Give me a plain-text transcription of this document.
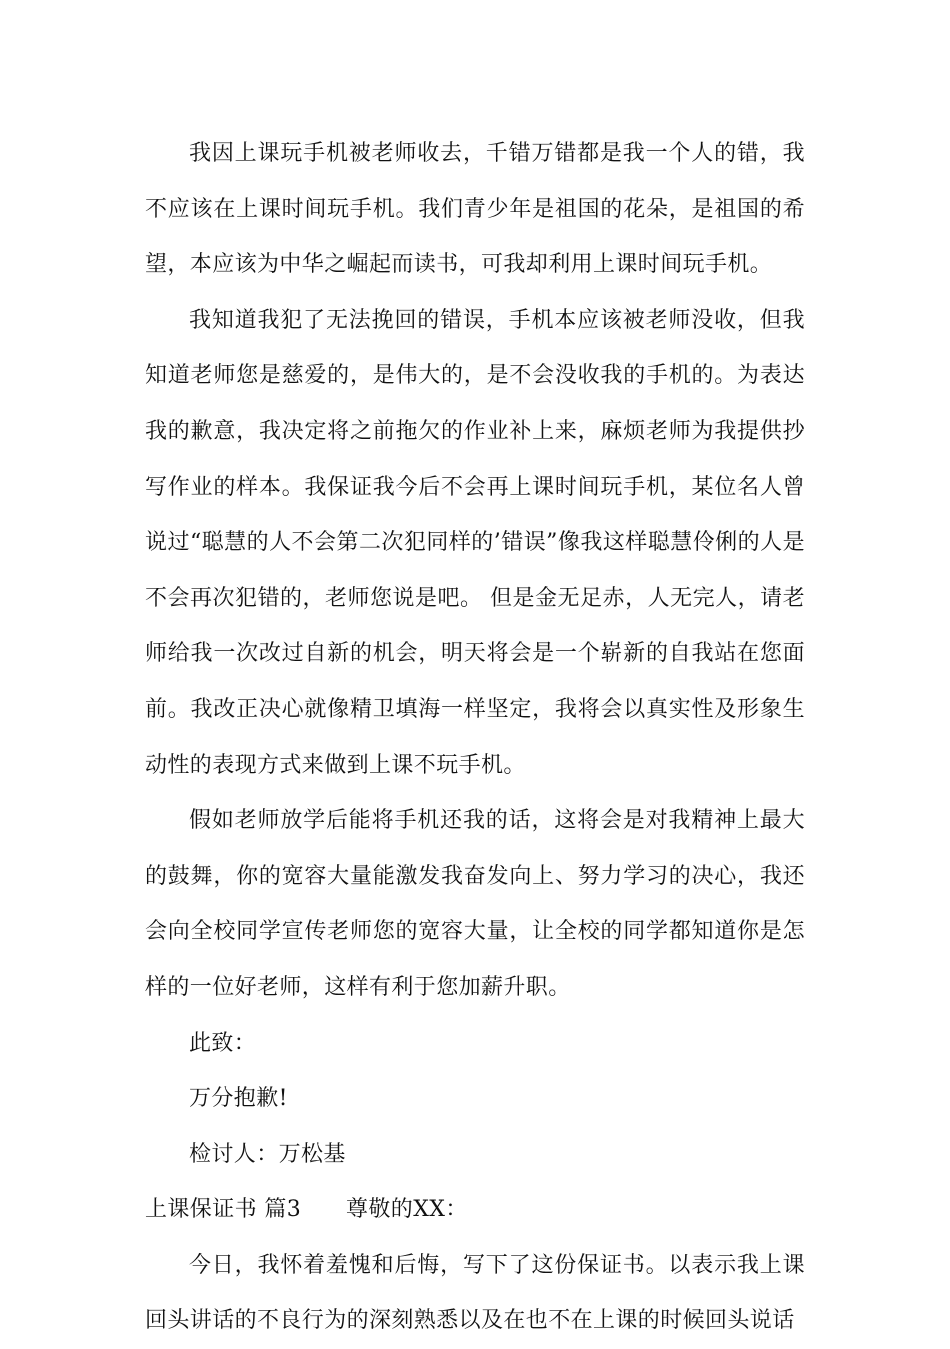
我因上课玩手机被老师收去，千错万错都是我一个人的错，我不应该在上课时间玩手机。我们青少年是祖国的花朵，是祖国的希望，本应该为中华之崛起而读书，可我却利用上课时间玩手机。

我知道我犯了无法挽回的错误，手机本应该被老师没收，但我知道老师您是慈爱的，是伟大的，是不会没收我的手机的。为表达我的歉意，我决定将之前拖欠的作业补上来，麻烦老师为我提供抄写作业的样本。我保证我今后不会再上课时间玩手机，某位名人曾说过“聪慧的人不会第二次犯同样的’错误”像我这样聪慧伶俐的人是不会再次犯错的，老师您说是吧。 但是金无足赤，人无完人，请老师给我一次改过自新的机会，明天将会是一个崭新的自我站在您面前。我改正决心就像精卫填海一样坚定，我将会以真实性及形象生动性的表现方式来做到上课不玩手机。

假如老师放学后能将手机还我的话，这将会是对我精神上最大的鼓舞，你的宽容大量能激发我奋发向上、努力学习的决心，我还会向全校同学宣传老师您的宽容大量，让全校的同学都知道你是怎样的一位好老师，这样有利于您加薪升职。

此致：

万分抱歉!

检讨人：万松基

上课保证书 篇3　　尊敬的XX：

今日，我怀着羞愧和后悔，写下了这份保证书。以表示我上课回头讲话的不良行为的深刻熟悉以及在也不在上课的时候回头说话
